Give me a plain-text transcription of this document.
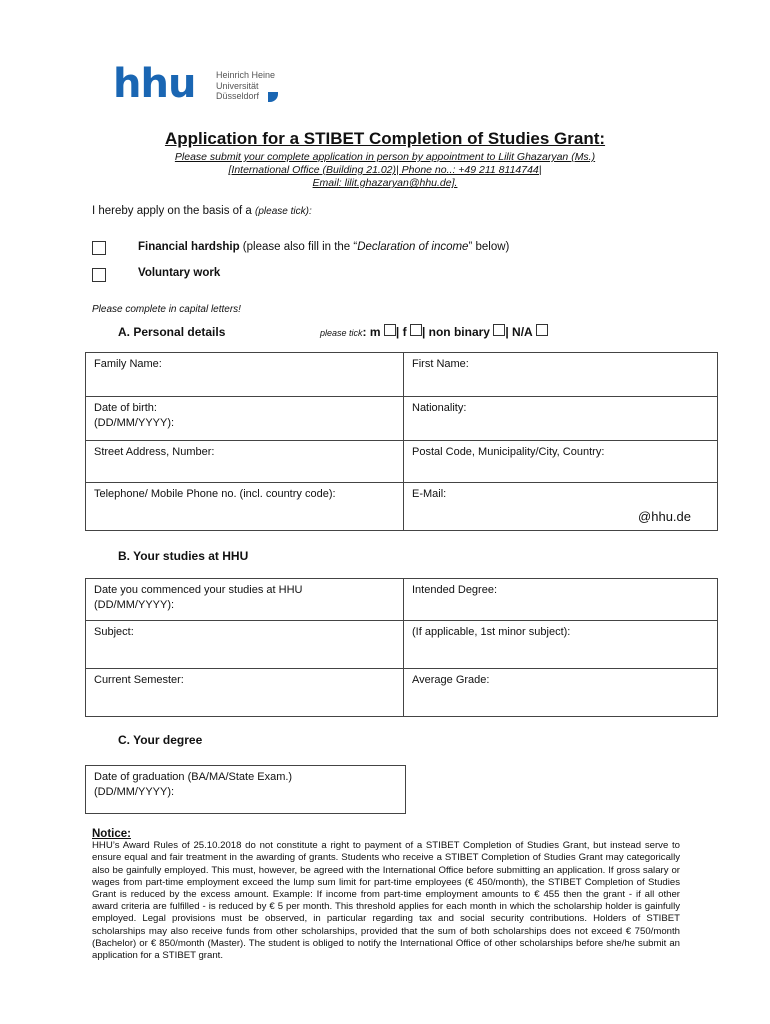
hhu Heinrich Heine
Universität
Düsseldorf
Application for a STIBET Completion of Studies Grant:
Please submit your complete application in person by appointment to Lilit Ghazaryan (Ms.)
[International Office (Building 21.02)| Phone no..: +49 211 8114744|
Email: lilit.ghazaryan@hhu.de].
I hereby apply on the basis of a (please tick):
Financial hardship (please also fill in the “Declaration of income” below)
Voluntary work
Please complete in capital letters!
A. Personal details	please tick: m | f | non binary | N/A
Family Name:	First Name:
Date of birth:
(DD/MM/YYYY):	Nationality:
Street Address, Number:	Postal Code, Municipality/City, Country:
Telephone/ Mobile Phone no. (incl. country code):	E-Mail:
@hhu.de
B. Your studies at HHU
Date you commenced your studies at HHU
(DD/MM/YYYY):	Intended Degree:
Subject:	(If applicable, 1st minor subject):
Current Semester:	Average Grade:
C. Your degree
Date of graduation (BA/MA/State Exam.)
(DD/MM/YYYY):
Notice:
HHU’s Award Rules of 25.10.2018 do not constitute a right to payment of a STIBET Completion of Studies Grant, but instead serve to ensure equal and fair treatment in the awarding of grants. Students who receive a STIBET Completion of Studies Grant may categorically also be gainfully employed. This must, however, be agreed with the International Office before submitting an application. If gross salary or wages from part-time employment exceed the lump sum limit for part-time employees (€ 450/month), the STIBET Completion of Studies Grant is reduced by the excess amount. Example: If income from part-time employment amounts to € 455 then the grant - if all other award criteria are fulfilled - is reduced by € 5 per month. This threshold applies for each month in which the scholarship holder is gainfully employed. Legal provisions must be observed, in particular regarding tax and social security contributions. Holders of STIBET scholarships may also receive funds from other scholarships, provided that the sum of both scholarships does not exceed € 750/month (Bachelor) or € 850/month (Master). The student is obliged to notify the International Office of other scholarships before she/he submit an application for a STIBET grant.
